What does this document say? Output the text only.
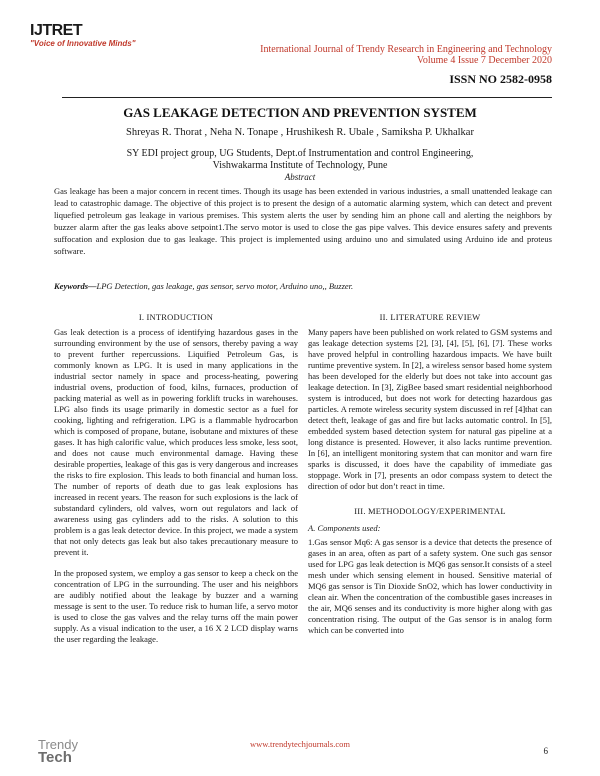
IJTRET
"Voice of Innovative Minds"
International Journal of Trendy Research in Engineering and Technology
Volume 4 Issue 7 December 2020
ISSN NO 2582-0958
GAS LEAKAGE DETECTION AND PREVENTION SYSTEM
Shreyas R. Thorat , Neha N. Tonape , Hrushikesh R. Ubale , Samiksha P. Ukhalkar
SY EDI project group, UG Students, Dept.of Instrumentation and control Engineering,
Vishwakarma Institute of Technology, Pune
Abstract
Gas leakage has been a major concern in recent times. Though its usage has been extended in various industries, a small unattended leakage can lead to catastrophic damage. The objective of this project is to present the design of a automatic alarming system, which can detect and prevent liquefied petroleum gas leakage in various premises. This system alerts the user by sending him an phone call and alerting the neighbors by buzzer alarm after the gas leaks above setpoint1.The servo motor is used to close the gas pipe valves. This device ensures safety and prevents suffocation and explosion due to gas leakage. This project is implemented using arduino uno and simulated using Arduino ide and proteus software.
Keywords—LPG Detection, gas leakage, gas sensor, servo motor, Arduino uno,, Buzzer.
I. INTRODUCTION

Gas leak detection is a process of identifying hazardous gases in the surrounding environment by the use of sensors, thereby paving a way to prevent further repercussions. Liquified Petroleum Gas, is commonly known as LPG. It is used in many applications in the industrial sector namely in space and process-heating, powering industrial ovens, production of food, kilns, furnaces, production of packing material as well as in powering forklift trucks in warehouses. LPG also finds its usage primarily in domestic sector as a fuel for cooking, lighting and refrigeration. LPG is a flammable hydrocarbon which is composed of propane, butane, isobutane and mixtures of these gases. It has high calorific value, which produces less smoke, less soot, and does not cause much environmental damage. Having these desirable properties, leakage of this gas is very dangerous and increases the risks to fire explosion. This leads to both financial and human loss. The number of reports of death due to gas leak explosions has increased in recent years. The reason for such explosions is the lack of substandard cylinders, old valves, worn out regulators and lack of awareness using gas cylinders add to the risks. A solution to this problem is a gas leak detector device. In this project, we made a system that not only detects gas leak but also takes precautionary measure to prevent it.

In the proposed system, we employ a gas sensor to keep a check on the concentration of LPG in the surrounding. The user and his neighbors are audibly notified about the leakage by buzzer and a warning message is sent to the user. To reduce risk to human life, a servo motor is used to close the gas valves and the relay turns off the main power supply. As a visual indication to the user, a 16 X 2 LCD display warns the user regarding the leakage.

II. LITERATURE REVIEW

Many papers have been published on work related to GSM systems and gas leakage detection systems [2], [3], [4], [5], [6], [7]. These works have proved helpful in controlling hazardous impacts. We have built runtime preventive system. In [2], a wireless sensor based home system has been developed for the elderly but does not take into account gas leakage detection. In [3], ZigBee based smart residential neighborhood system is introduced, but does not work for detecting hazardous gas particles. A remote wireless security system discussed in ref [4]that can detect theft, leakage of gas and fire but lacks automatic control. In [5], embedded system based detection system for natural gas pipeline at a long distance is presented. However, it also lacks runtime prevention. In [6], an intelligent monitoring system that can monitor and warn fire sparks is discussed, it does have the capability of immediate gas stoppage. Work in [7], presents an odor compass system to detect the direction of odor but don’t react in time.

III. METHODOLOGY/EXPERIMENTAL
A. Components used:

1.Gas sensor Mq6: A gas sensor is a device that detects the presence of gases in an area, often as part of a safety system. One such gas sensor used for LPG gas leak detection is MQ6 gas sensor.It consists of a steel mesh under which sensing element in housed. Sensitive material of MQ6 gas sensor is Tin Dioxide SnO2, which has lower conductivity in clean air. When the concentration of the combustible gases increases in the air, MQ6 senses and its conductivity is more higher along with gas concentration rising. The output of the Gas sensor is in analog form which can be converted into

Trendy
Tech
www.trendytechjournals.com
6
